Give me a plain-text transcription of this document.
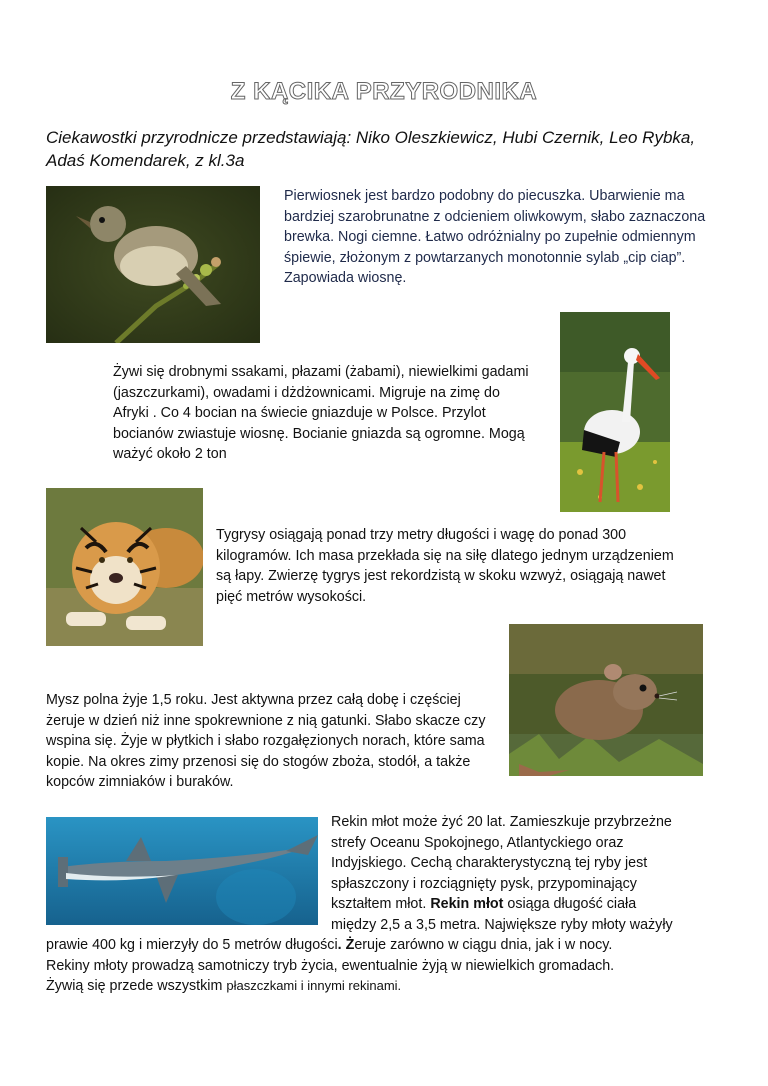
Z KĄCIKA PRZYRODNIKA
Ciekawostki przyrodnicze przedstawiają: Niko Oleszkiewicz, Hubi Czernik, Leo Rybka, Adaś Komendarek, z kl.3a
Pierwiosnek jest bardzo podobny do piecuszka. Ubarwienie ma bardziej szarobrunatne z odcieniem oliwkowym, słabo zaznaczona brewka. Nogi ciemne. Łatwo odróżnialny po zupełnie odmiennym śpiewie, złożonym z powtarzanych monotonnie sylab „cip ciap”. Zapowiada wiosnę.
Żywi się drobnymi ssakami, płazami (żabami), niewielkimi gadami (jaszczurkami), owadami i dżdżownicami. Migruje na zimę do Afryki . Co 4 bocian na świecie gniazduje w Polsce. Przylot bocianów zwiastuje wiosnę. Bocianie gniazda są ogromne. Mogą ważyć około 2 ton
Tygrysy osiągają ponad trzy metry długości i wagę do ponad 300 kilogramów. Ich masa przekłada się na siłę dlatego jednym urządzeniem są łapy. Zwierzę tygrys jest rekordzistą w skoku wzwyż, osiągają nawet pięć metrów wysokości.
Mysz polna żyje 1,5 roku. Jest aktywna przez całą dobę i częściej żeruje w dzień niż inne spokrewnione z nią gatunki. Słabo skacze czy wspina się. Żyje w płytkich i słabo rozgałęzionych norach, które sama kopie. Na okres zimy przenosi się do stogów zboża, stodół, a także kopców zimniaków i buraków.
Rekin młot może żyć 20 lat. Zamieszkuje przybrzeżne
strefy Oceanu Spokojnego, Atlantyckiego oraz
Indyjskiego. Cechą charakterystyczną tej ryby jest
spłaszczony i rozciągnięty pysk, przypominający
kształtem młot. Rekin młot osiąga długość ciała
między 2,5 a 3,5 metra. Największe ryby młoty ważyły
prawie 400 kg i mierzyły do 5 metrów długości. Żeruje zarówno w ciągu dnia, jak i w nocy.
Rekiny młoty prowadzą samotniczy tryb życia, ewentualnie żyją w niewielkich gromadach.
Żywią się przede wszystkim płaszczkami i innymi rekinami.
